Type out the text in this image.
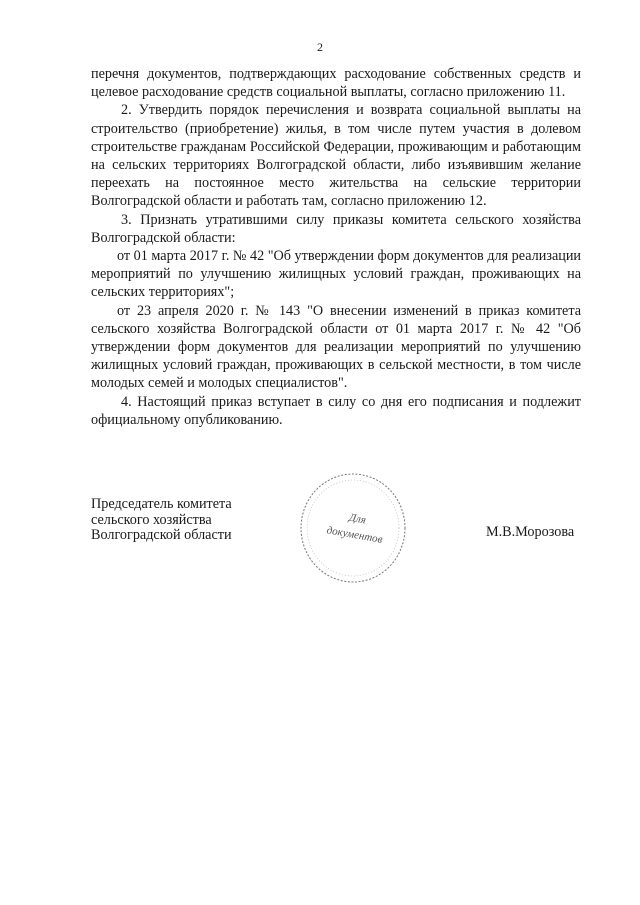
2

перечня документов, подтверждающих расходование собственных средств и целевое расходование средств социальной выплаты, согласно приложению 11.

2. Утвердить порядок перечисления и возврата социальной выплаты на строительство (приобретение) жилья, в том числе путем участия в долевом строительстве гражданам Российской Федерации, проживающим и работающим на сельских территориях Волгоградской области, либо изъявившим желание переехать на постоянное место жительства на сельские территории Волгоградской области и работать там, согласно приложению 12.

3. Признать утратившими силу приказы комитета сельского хозяйства Волгоградской области:

от 01 марта 2017 г. № 42 "Об утверждении форм документов для реализации мероприятий по улучшению жилищных условий граждан, проживающих на сельских территориях";

от 23 апреля 2020 г. № 143 "О внесении изменений в приказ комитета сельского хозяйства Волгоградской области от 01 марта 2017 г. № 42 "Об утверждении форм документов для реализации мероприятий по улучшению жилищных условий граждан, проживающих в сельской местности, в том числе молодых семей и молодых специалистов".

4. Настоящий приказ вступает в силу со дня его подписания и подлежит официальному опубликованию.

Председатель комитета
сельского хозяйства
Волгоградской области
Для
документов	М.В.Морозова
